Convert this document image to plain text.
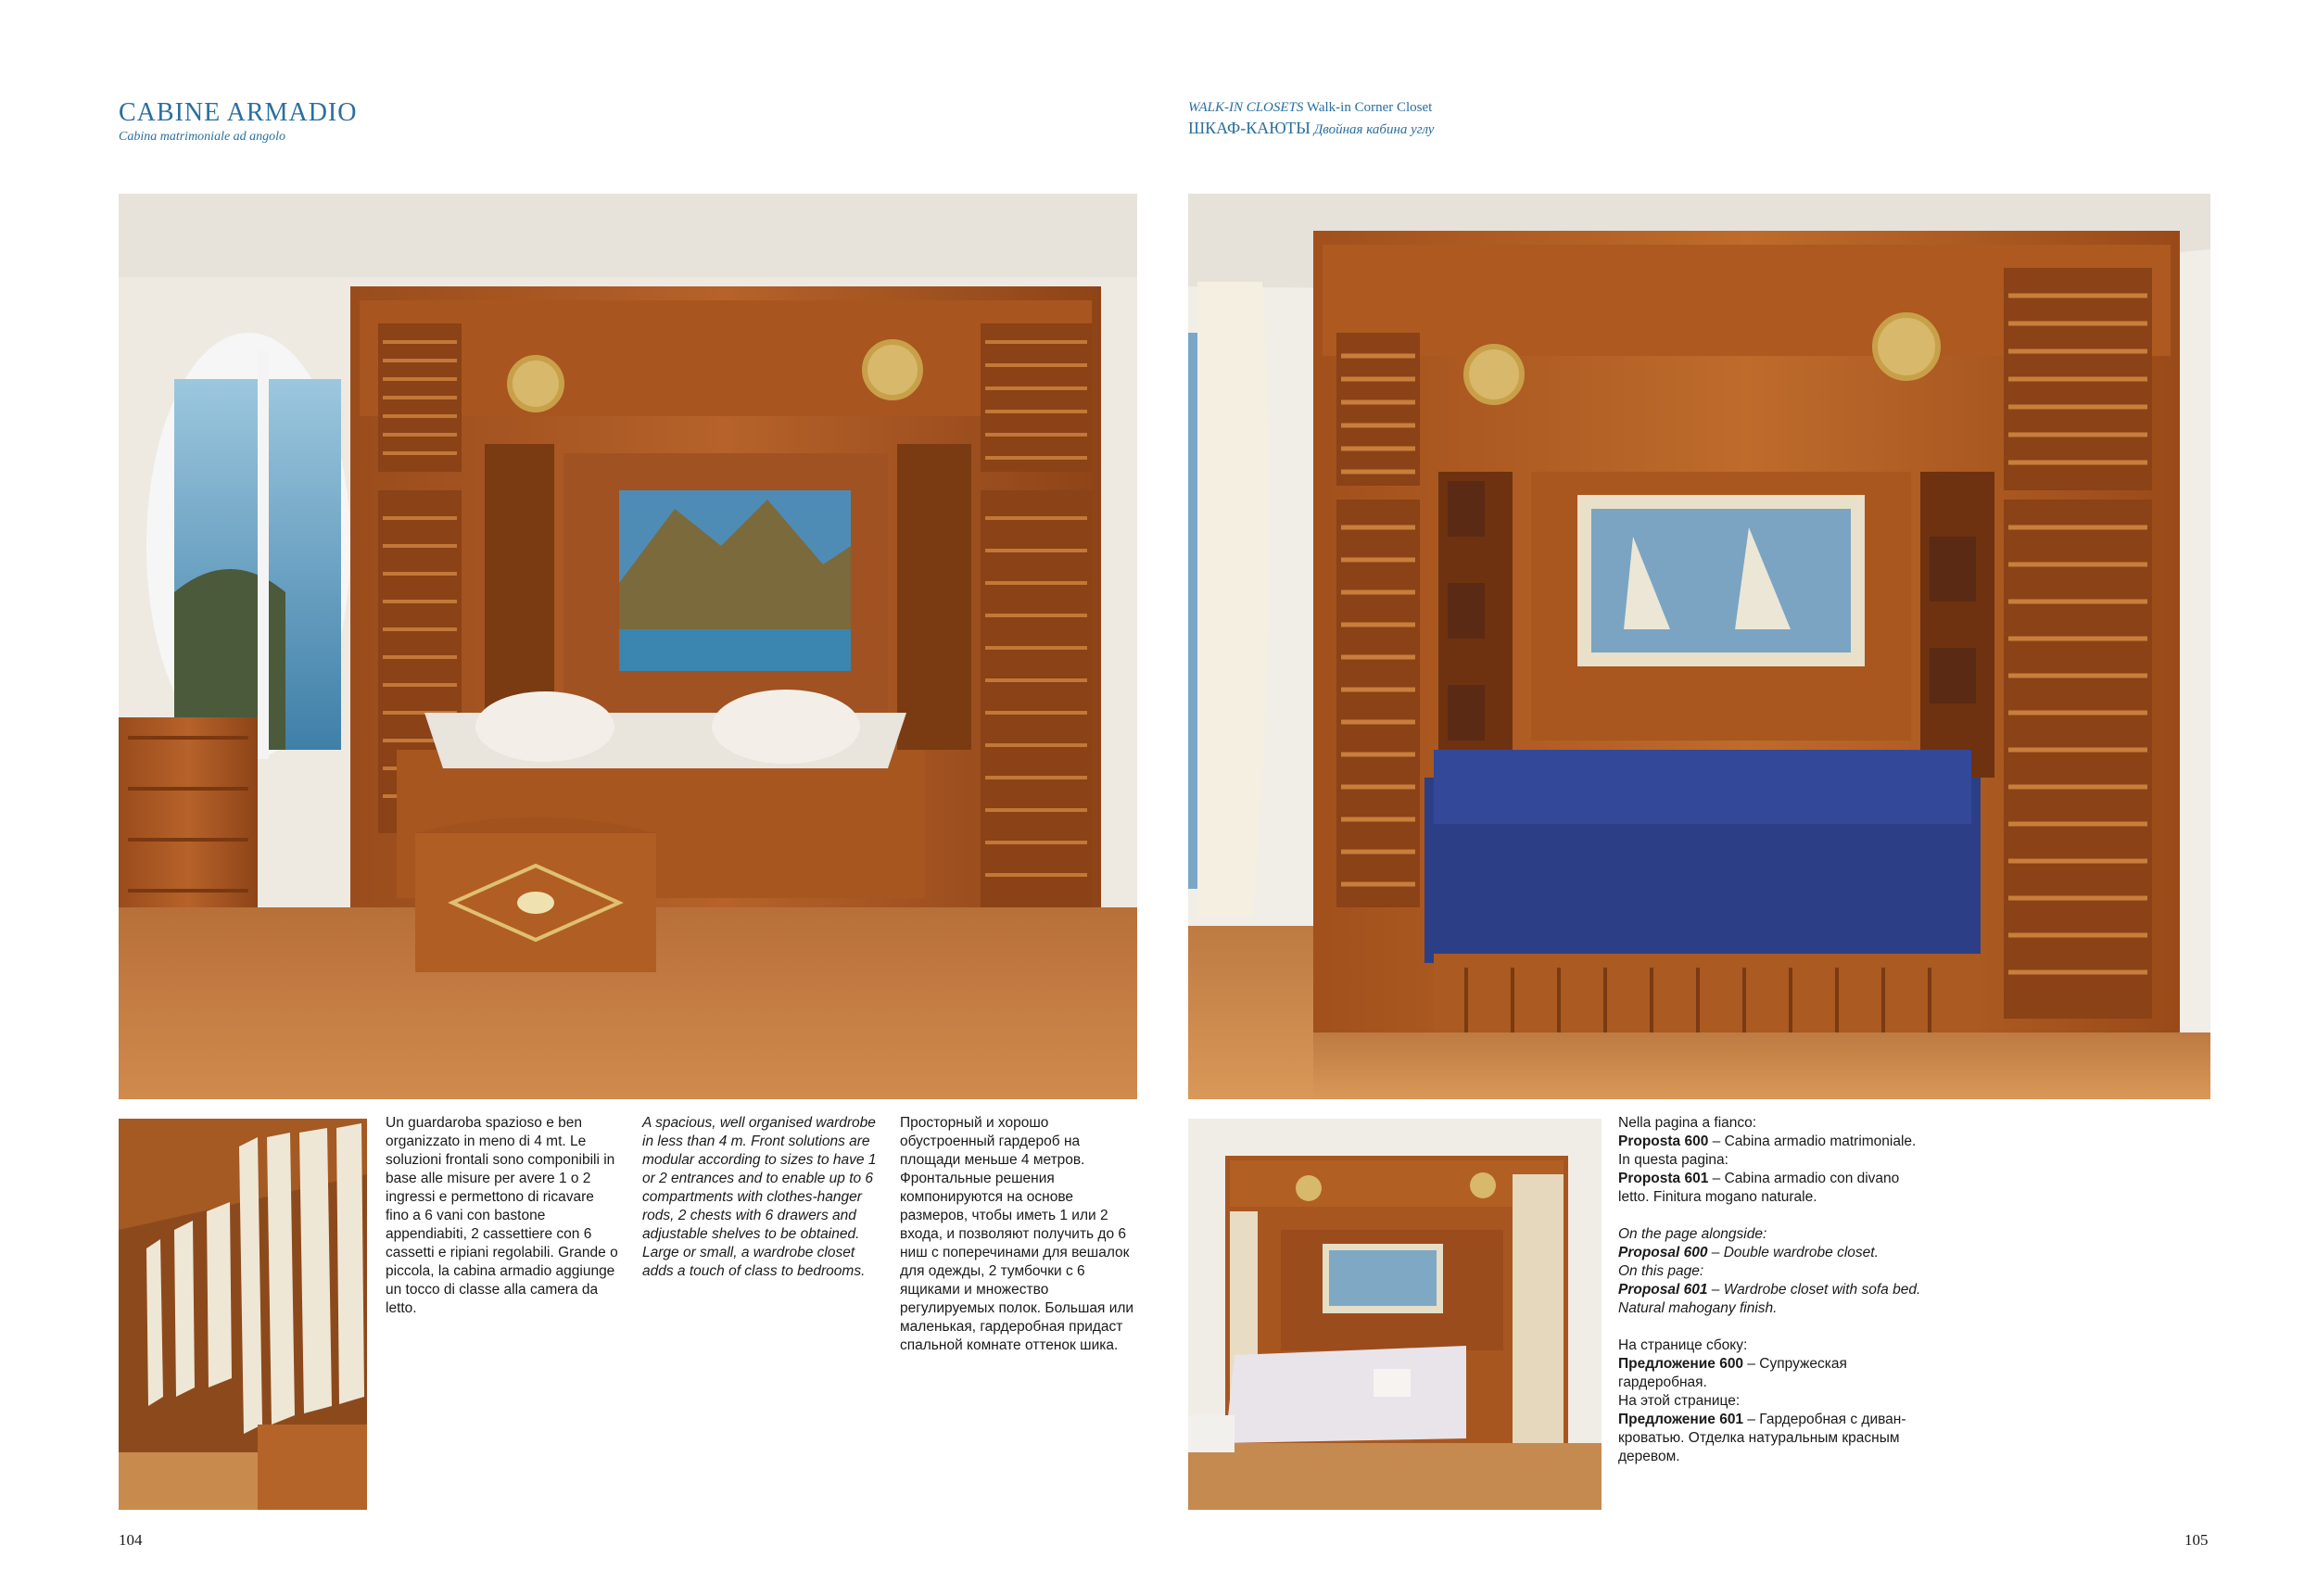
CABINE ARMADIO
Cabina matrimoniale ad angolo
WALK-IN CLOSETS Walk-in Corner Closet
ШКАФ-КАЮТЫ Двойная кабина углу

Un guardaroba spazioso e ben organizzato in meno di 4 mt. Le soluzioni frontali sono componibili in base alle misure per avere 1 o 2 ingressi e permettono di ricavare fino a 6 vani con bastone appendiabiti, 2 cassettiere con 6 cassetti e ripiani regolabili. Grande o piccola, la cabina armadio aggiunge un tocco di classe alla camera da letto.

A spacious, well organised wardrobe in less than 4 m. Front solutions are modular according to sizes to have 1 or 2 entrances and to enable up to 6 compartments with clothes-hanger rods, 2 chests with 6 drawers and adjustable shelves to be obtained. Large or small, a wardrobe closet adds a touch of class to bedrooms.

Просторный и хорошо обустроенный гардероб на площади меньше 4 метров. Фронтальные решения компонируются на основе размеров, чтобы иметь 1 или 2 входа, и позволяют получить до 6 ниш с поперечинами для вешалок для одежды, 2 тумбочки с 6 ящиками и множество регулируемых полок. Большая или маленькая, гардеробная придаст спальной комнате оттенок шика.

Nella pagina a fianco:

Proposta 600 – Cabina armadio matrimoniale.

In questa pagina:

Proposta 601 – Cabina armadio con divano letto. Finitura mogano naturale.

On the page alongside:

Proposal 600 – Double wardrobe closet.

On this page:

Proposal 601 – Wardrobe closet with sofa bed. Natural mahogany finish.

На странице сбоку:

Предложение 600 – Супружеская гардеробная.

На этой странице:

Предложение 601 – Гардеробная с диван-кроватью. Отделка натуральным красным деревом.

104	105
